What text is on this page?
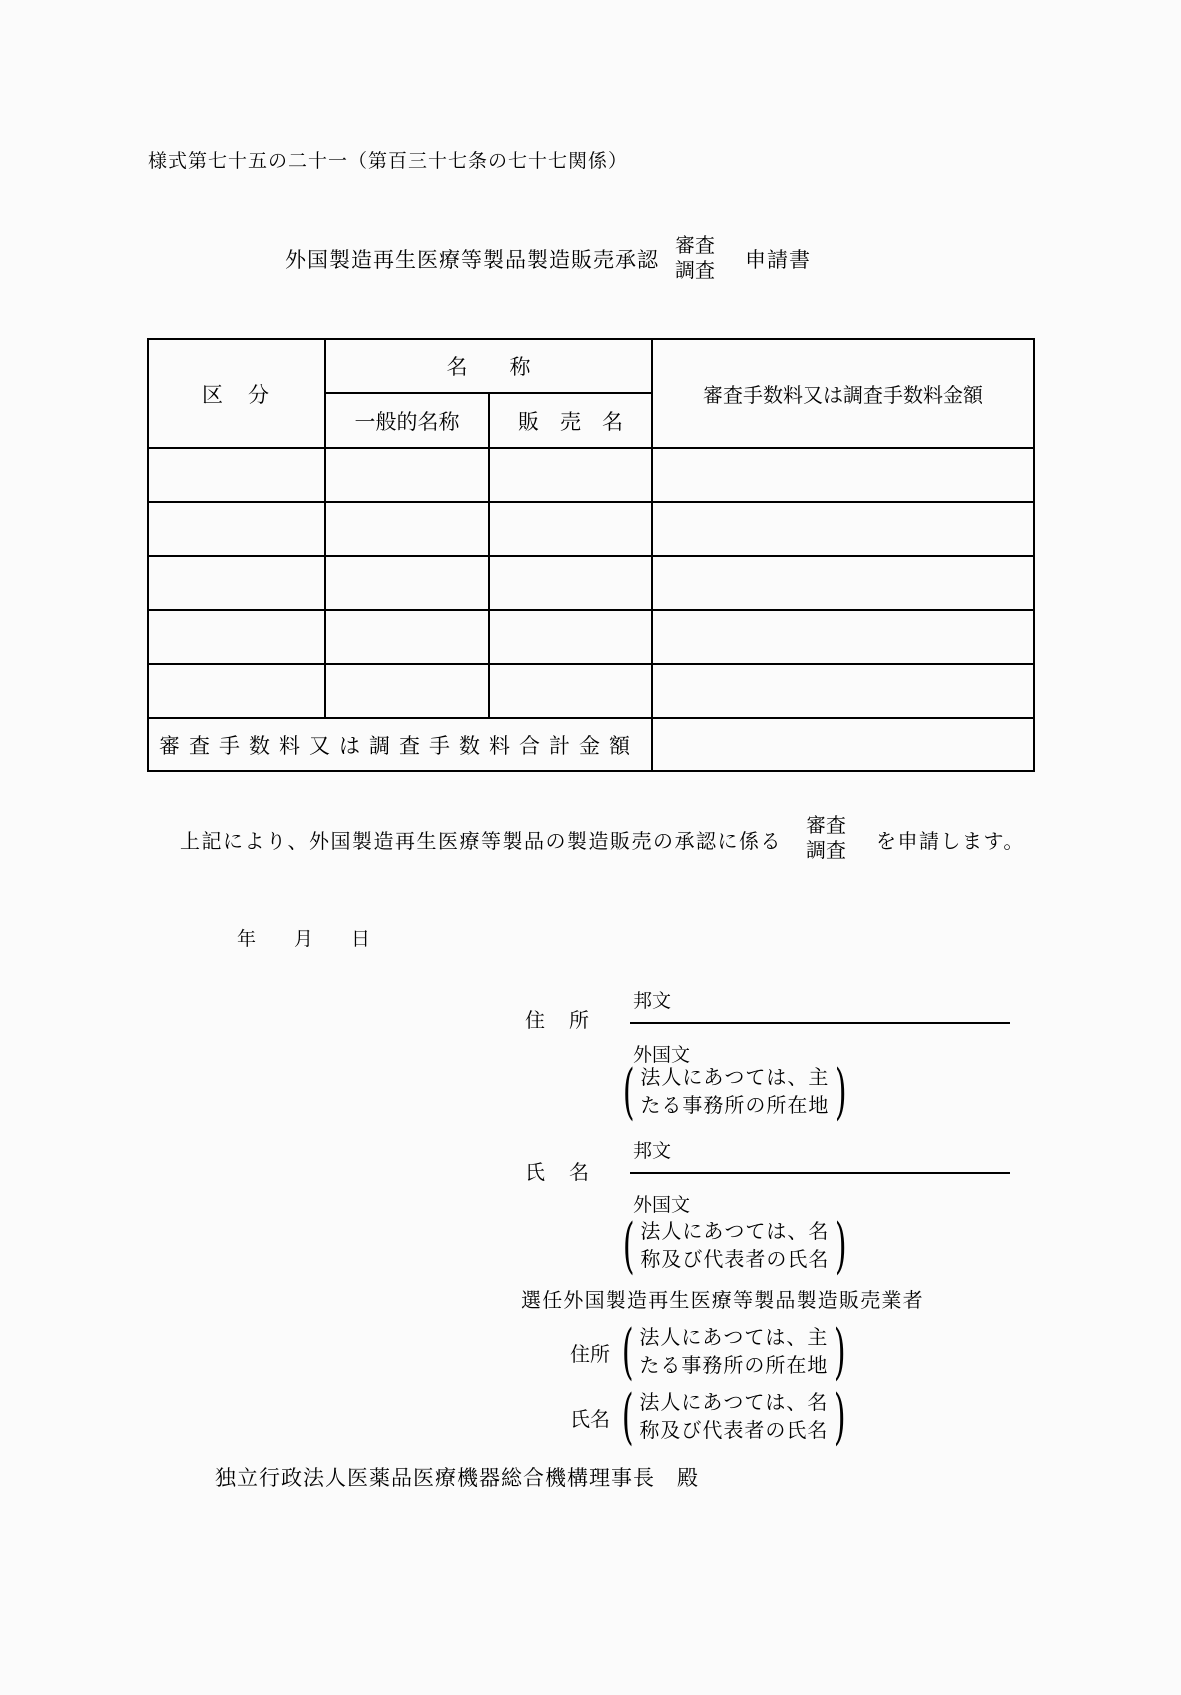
様式第七十五の二十一（第百三十七条の七十七関係）
外国製造再生医療等製品製造販売承認
審査
調査 申請書
区　分	名　　称		審査手数料又は調査手数料金額
	一般的名称	販　売　名	

審査手数料又は調査手数料合計金額			
上記により、外国製造再生医療等製品の製造販売の承認に係る
審査
調査 を申請します。
年　　月　　日
住　所
邦文
外国文
( 法人にあつては、主
たる事務所の所在地 )
邦文
氏　名
外国文
( 法人にあつては、名
称及び代表者の氏名 )
選任外国製造再生医療等製品製造販売業者
住所 ( 法人にあつては、主
たる事務所の所在地 )
氏名 ( 法人にあつては、名
称及び代表者の氏名 )
独立行政法人医薬品医療機器総合機構理事長　殿
